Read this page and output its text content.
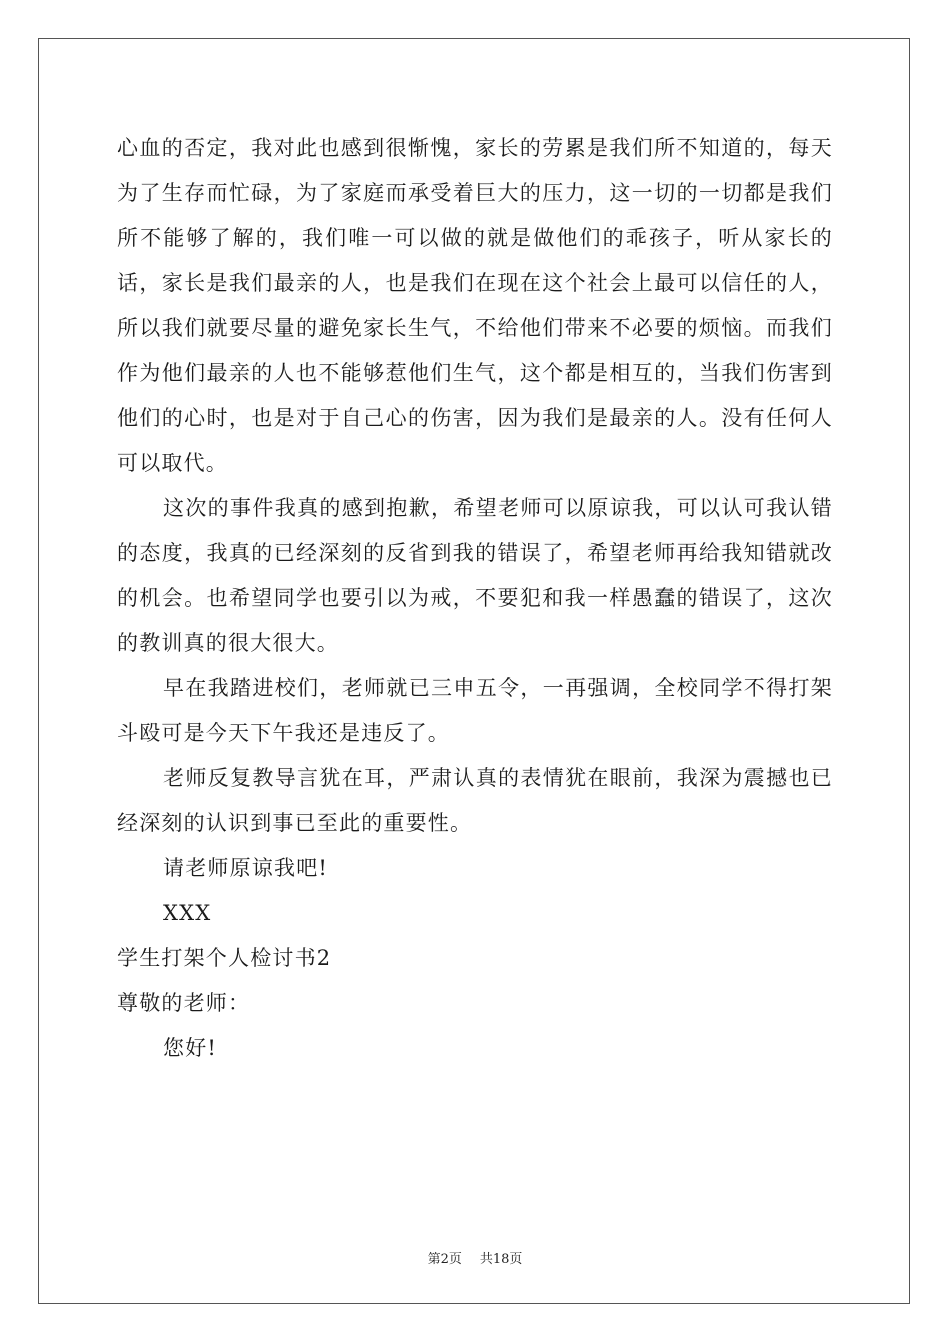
心血的否定，我对此也感到很惭愧，家长的劳累是我们所不知道的，每天为了生存而忙碌，为了家庭而承受着巨大的压力，这一切的一切都是我们所不能够了解的，我们唯一可以做的就是做他们的乖孩子，听从家长的话，家长是我们最亲的人，也是我们在现在这个社会上最可以信任的人，所以我们就要尽量的避免家长生气，不给他们带来不必要的烦恼。而我们作为他们最亲的人也不能够惹他们生气，这个都是相互的，当我们伤害到他们的心时，也是对于自己心的伤害，因为我们是最亲的人。没有任何人可以取代。

这次的事件我真的感到抱歉，希望老师可以原谅我，可以认可我认错的态度，我真的已经深刻的反省到我的错误了，希望老师再给我知错就改的机会。也希望同学也要引以为戒，不要犯和我一样愚蠢的错误了，这次的教训真的很大很大。

早在我踏进校们，老师就已三申五令，一再强调，全校同学不得打架斗殴可是今天下午我还是违反了。

老师反复教导言犹在耳，严肃认真的表情犹在眼前，我深为震撼也已经深刻的认识到事已至此的重要性。

请老师原谅我吧!

XXX

学生打架个人检讨书2

尊敬的老师：

您好!

第2页 共18页
